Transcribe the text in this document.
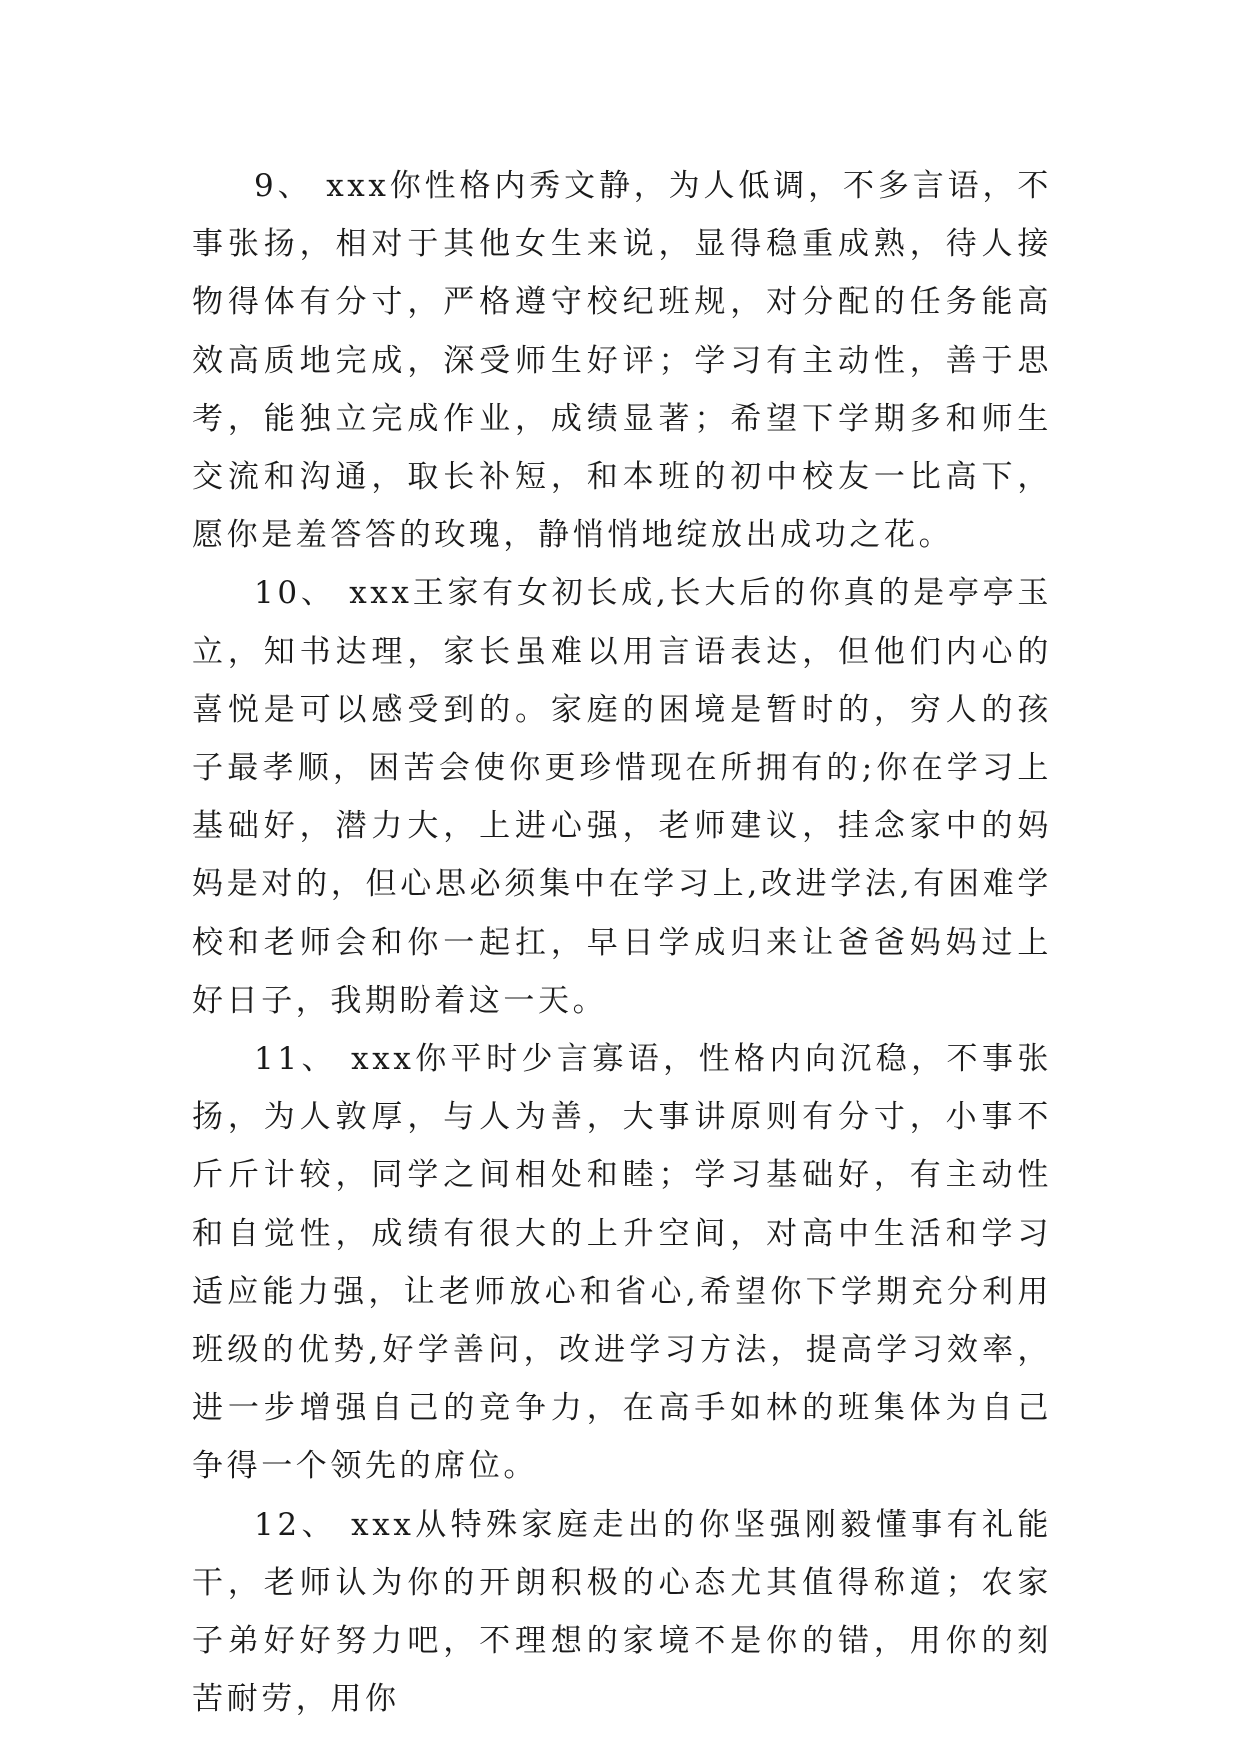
9、 xxx你性格内秀文静，为人低调，不多言语，不事张扬，相对于其他女生来说，显得稳重成熟，待人接物得体有分寸，严格遵守校纪班规，对分配的任务能高效高质地完成，深受师生好评；学习有主动性，善于思考，能独立完成作业，成绩显著；希望下学期多和师生交流和沟通，取长补短，和本班的初中校友一比高下，愿你是羞答答的玫瑰，静悄悄地绽放出成功之花。

10、 xxx王家有女初长成,长大后的你真的是亭亭玉立，知书达理，家长虽难以用言语表达，但他们内心的喜悦是可以感受到的。家庭的困境是暂时的，穷人的孩子最孝顺，困苦会使你更珍惜现在所拥有的;你在学习上基础好，潜力大，上进心强，老师建议，挂念家中的妈妈是对的，但心思必须集中在学习上,改进学法,有困难学校和老师会和你一起扛，早日学成归来让爸爸妈妈过上好日子，我期盼着这一天。

11、 xxx你平时少言寡语，性格内向沉稳，不事张扬，为人敦厚，与人为善，大事讲原则有分寸，小事不斤斤计较，同学之间相处和睦；学习基础好，有主动性和自觉性，成绩有很大的上升空间，对高中生活和学习适应能力强，让老师放心和省心,希望你下学期充分利用班级的优势,好学善问，改进学习方法，提高学习效率，进一步增强自己的竞争力，在高手如林的班集体为自己争得一个领先的席位。

12、 xxx从特殊家庭走出的你坚强刚毅懂事有礼能干，老师认为你的开朗积极的心态尤其值得称道；农家子弟好好努力吧，不理想的家境不是你的错，用你的刻苦耐劳，用你
